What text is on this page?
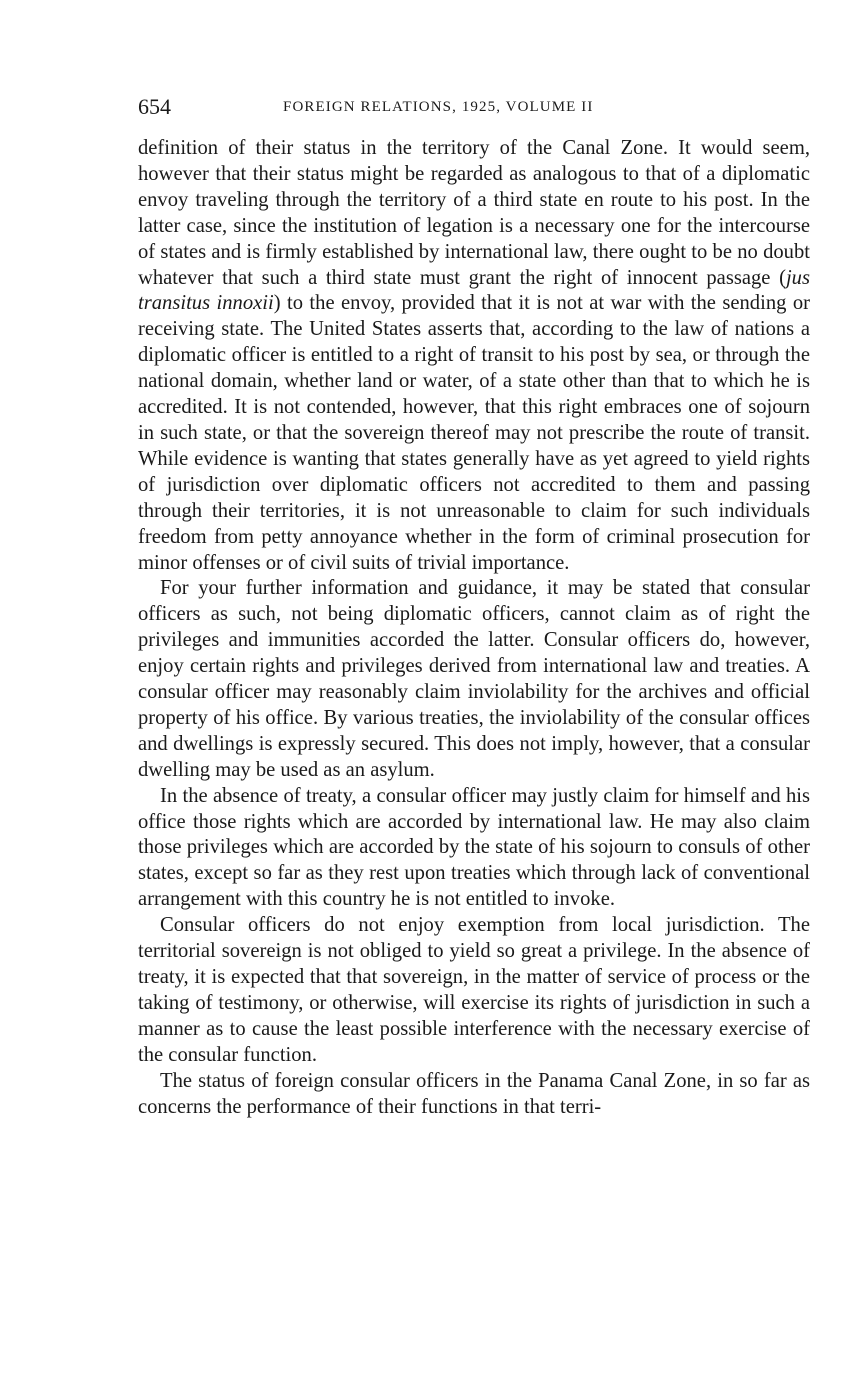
654	FOREIGN RELATIONS, 1925, VOLUME II

definition of their status in the territory of the Canal Zone. It would seem, however that their status might be regarded as analogous to that of a diplomatic envoy traveling through the territory of a third state en route to his post. In the latter case, since the institution of legation is a necessary one for the intercourse of states and is firmly established by international law, there ought to be no doubt whatever that such a third state must grant the right of innocent passage (jus transitus innoxii) to the envoy, provided that it is not at war with the sending or receiving state. The United States asserts that, according to the law of nations a diplomatic officer is entitled to a right of transit to his post by sea, or through the national domain, whether land or water, of a state other than that to which he is accredited. It is not contended, however, that this right embraces one of sojourn in such state, or that the sovereign thereof may not prescribe the route of transit. While evidence is wanting that states generally have as yet agreed to yield rights of jurisdiction over diplomatic officers not accredited to them and passing through their territories, it is not unreasonable to claim for such individuals freedom from petty annoyance whether in the form of criminal prosecution for minor offenses or of civil suits of trivial importance.

For your further information and guidance, it may be stated that consular officers as such, not being diplomatic officers, cannot claim as of right the privileges and immunities accorded the latter. Consular officers do, however, enjoy certain rights and privileges derived from international law and treaties. A consular officer may reasonably claim inviolability for the archives and official property of his office. By various treaties, the inviolability of the consular offices and dwellings is expressly secured. This does not imply, however, that a consular dwelling may be used as an asylum.

In the absence of treaty, a consular officer may justly claim for himself and his office those rights which are accorded by international law. He may also claim those privileges which are accorded by the state of his sojourn to consuls of other states, except so far as they rest upon treaties which through lack of conventional arrangement with this country he is not entitled to invoke.

Consular officers do not enjoy exemption from local jurisdiction. The territorial sovereign is not obliged to yield so great a privilege. In the absence of treaty, it is expected that that sovereign, in the matter of service of process or the taking of testimony, or otherwise, will exercise its rights of jurisdiction in such a manner as to cause the least possible interference with the necessary exercise of the consular function.

The status of foreign consular officers in the Panama Canal Zone, in so far as concerns the performance of their functions in that terri-
